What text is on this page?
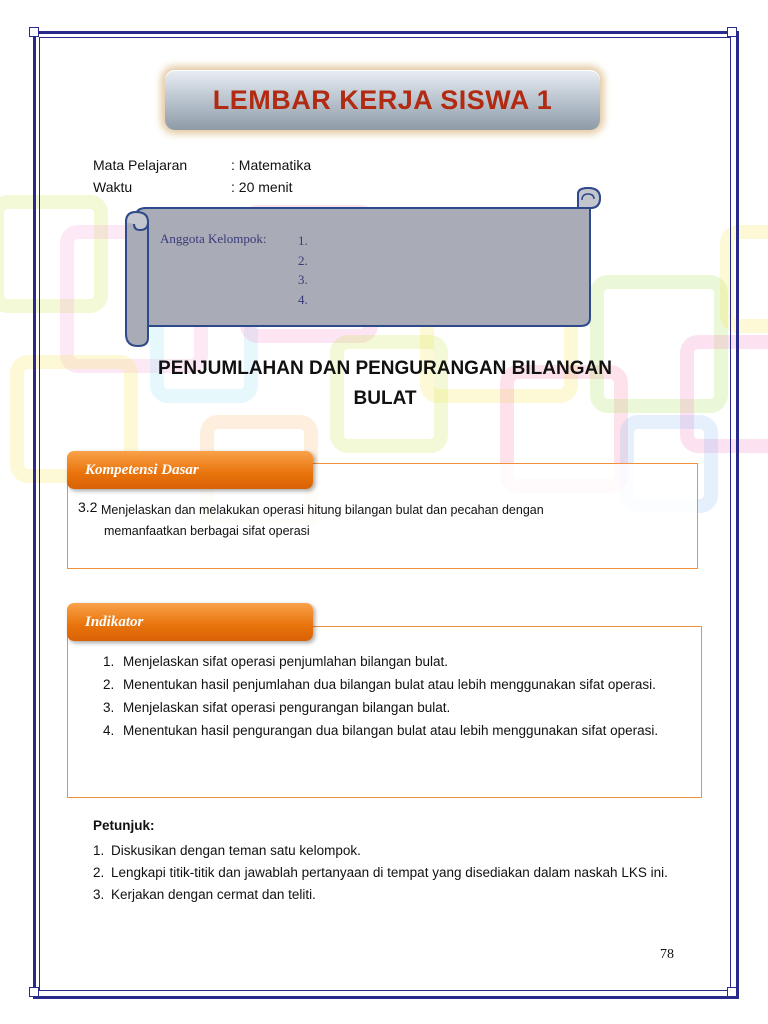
LEMBAR KERJA SISWA 1
Mata Pelajaran	: Matematika
Waktu	: 20 menit
Anggota Kelompok: 1.
2.
3.
4.
PENJUMLAHAN DAN PENGURANGAN BILANGAN
BULAT
Kompetensi Dasar
3.2 Menjelaskan dan melakukan operasi hitung bilangan bulat dan pecahan dengan
memanfaatkan berbagai sifat operasi
Indikator
1. Menjelaskan sifat operasi penjumlahan bilangan bulat.
2. Menentukan hasil penjumlahan dua bilangan bulat atau lebih menggunakan sifat operasi.
3. Menjelaskan sifat operasi pengurangan bilangan bulat.
4. Menentukan hasil pengurangan dua bilangan bulat atau lebih menggunakan sifat operasi.
Petunjuk:
1. Diskusikan dengan teman satu kelompok.
2. Lengkapi titik-titik dan jawablah pertanyaan di tempat yang disediakan dalam naskah LKS ini.
3. Kerjakan dengan cermat dan teliti.
78
